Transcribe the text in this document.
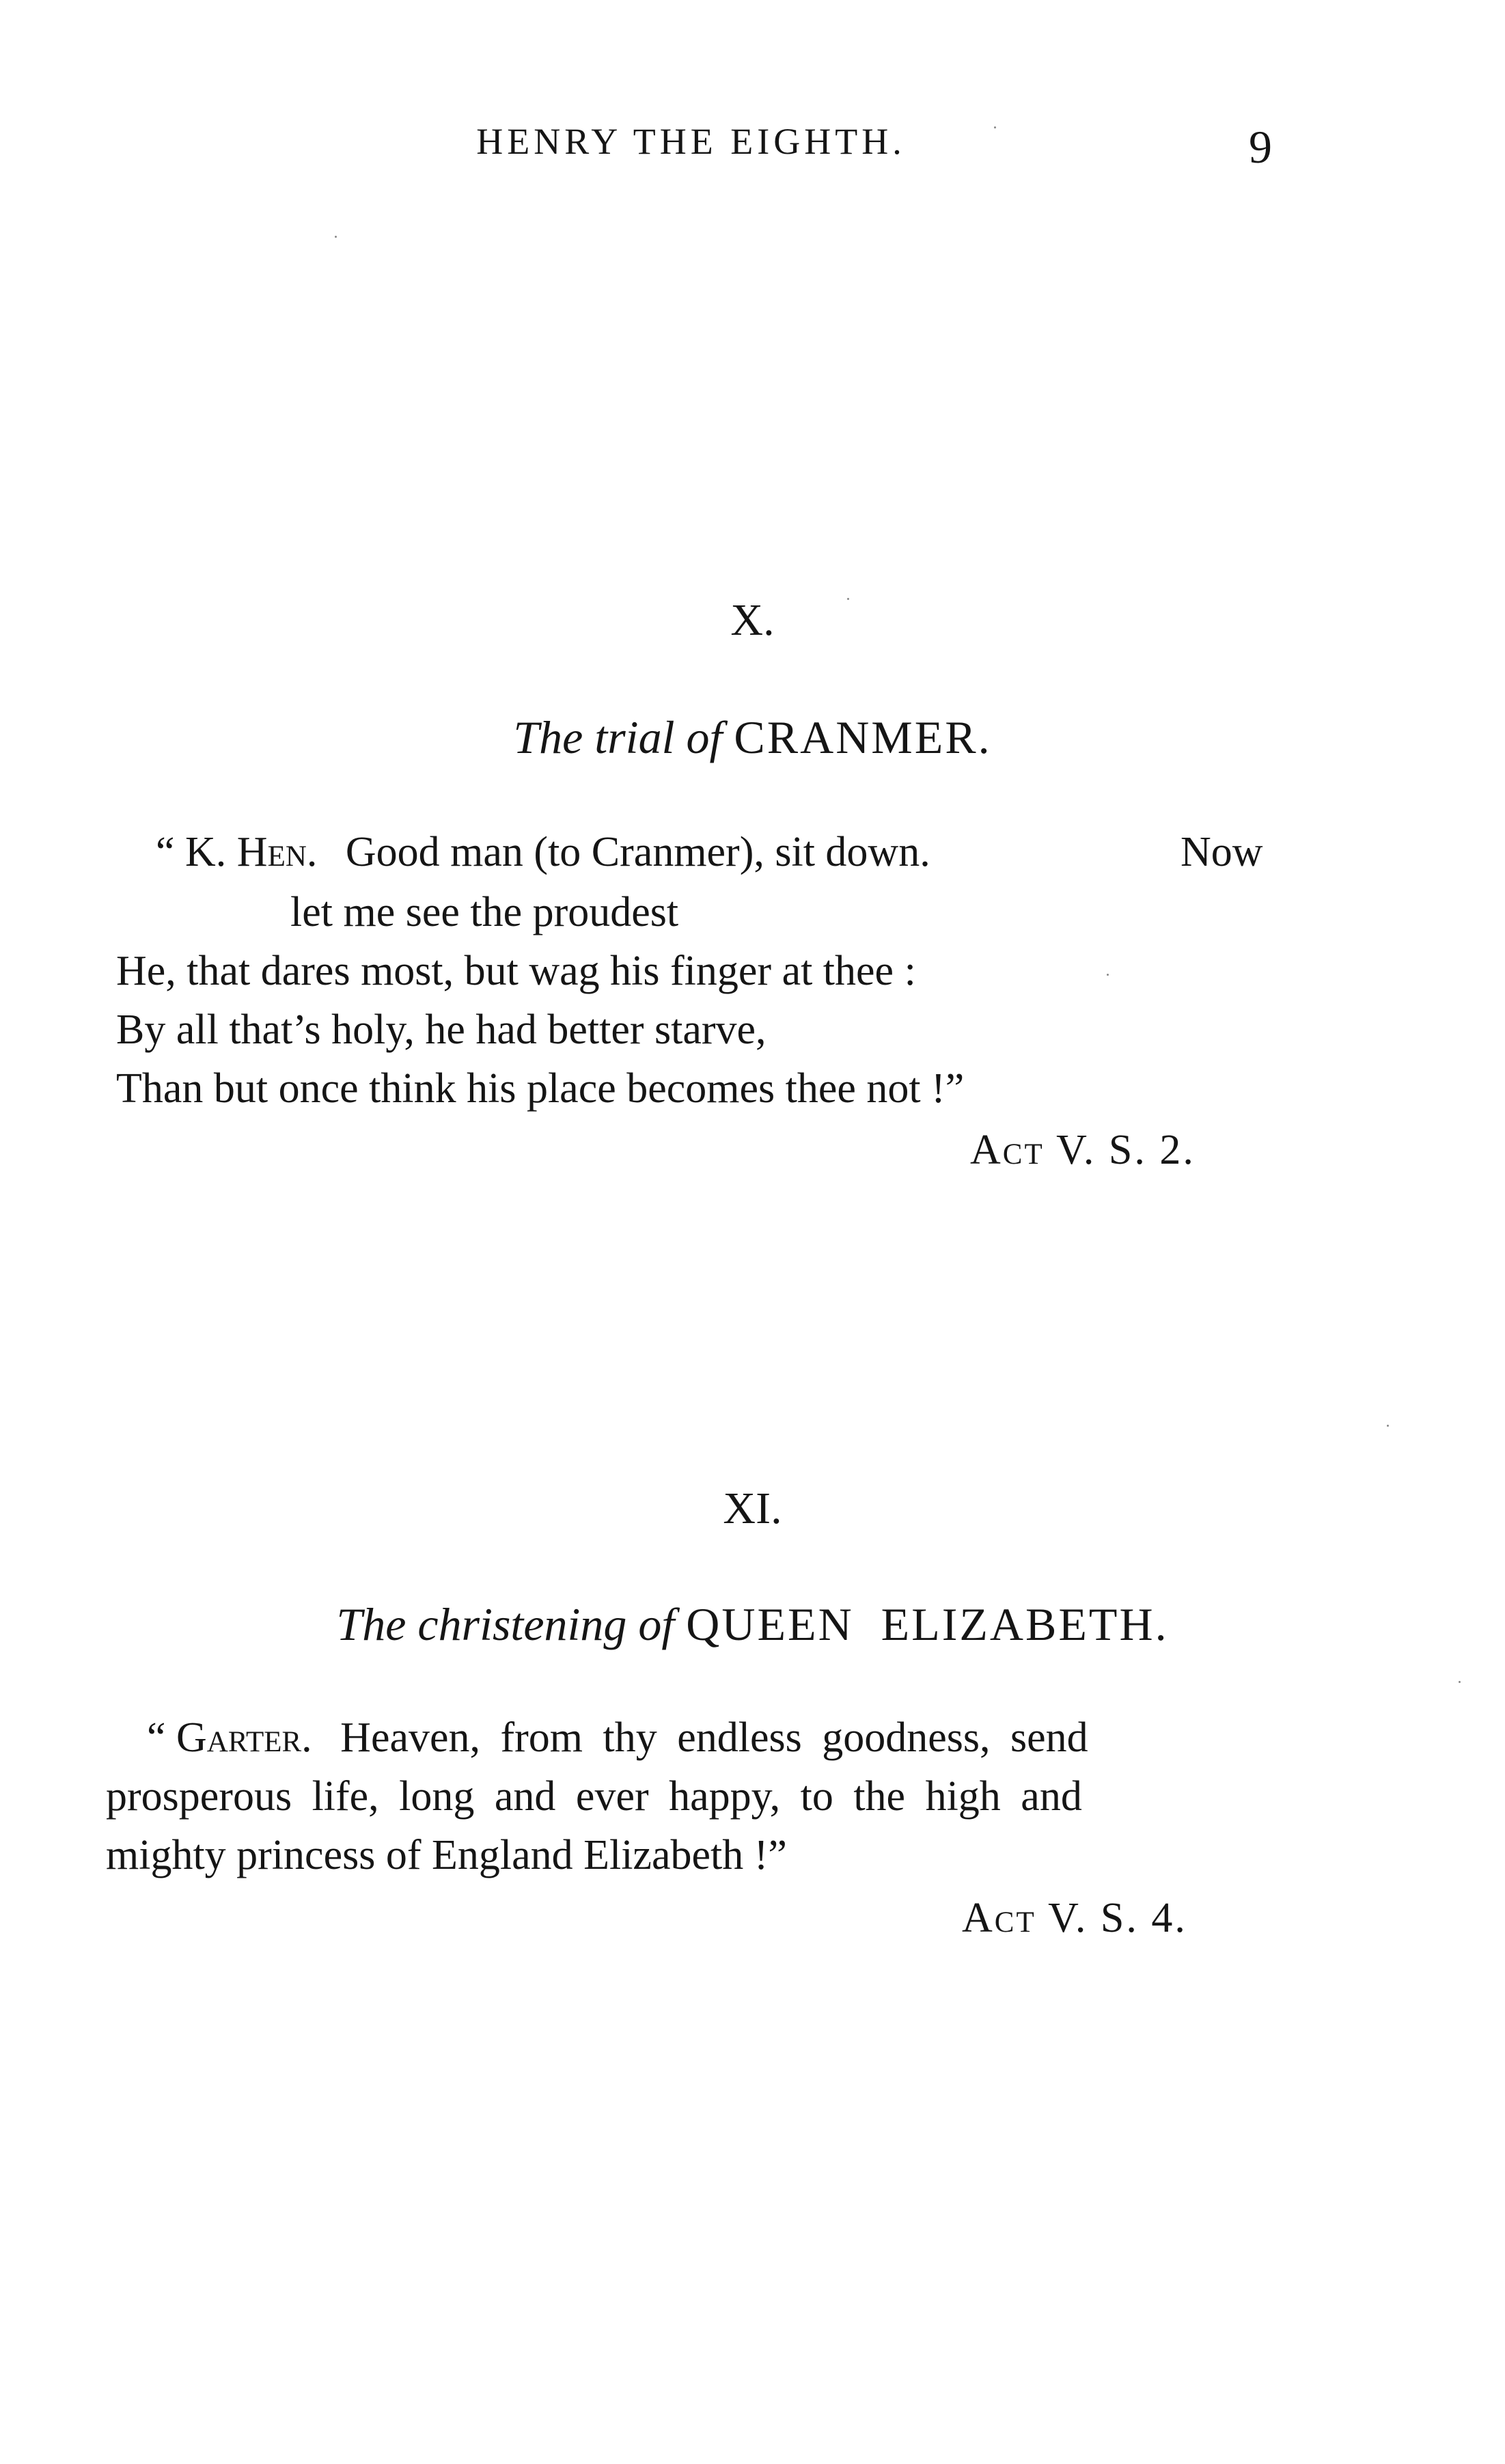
HENRY THE EIGHTH.	9
X.
The trial of CRANMER.
“ K. Hen. Good man (to Cranmer), sit down.	Now
let me see the proudest
He, that dares most, but wag his finger at thee :
By all that’s holy, he had better starve,
Than but once think his place becomes thee not !”
Act V. S. 2.
XI.
The christening of QUEEN  ELIZABETH.
“ Garter. Heaven, from thy endless goodness, send
prosperous life, long and ever happy, to the high and
mighty princess of England Elizabeth !”
Act V. S. 4.
